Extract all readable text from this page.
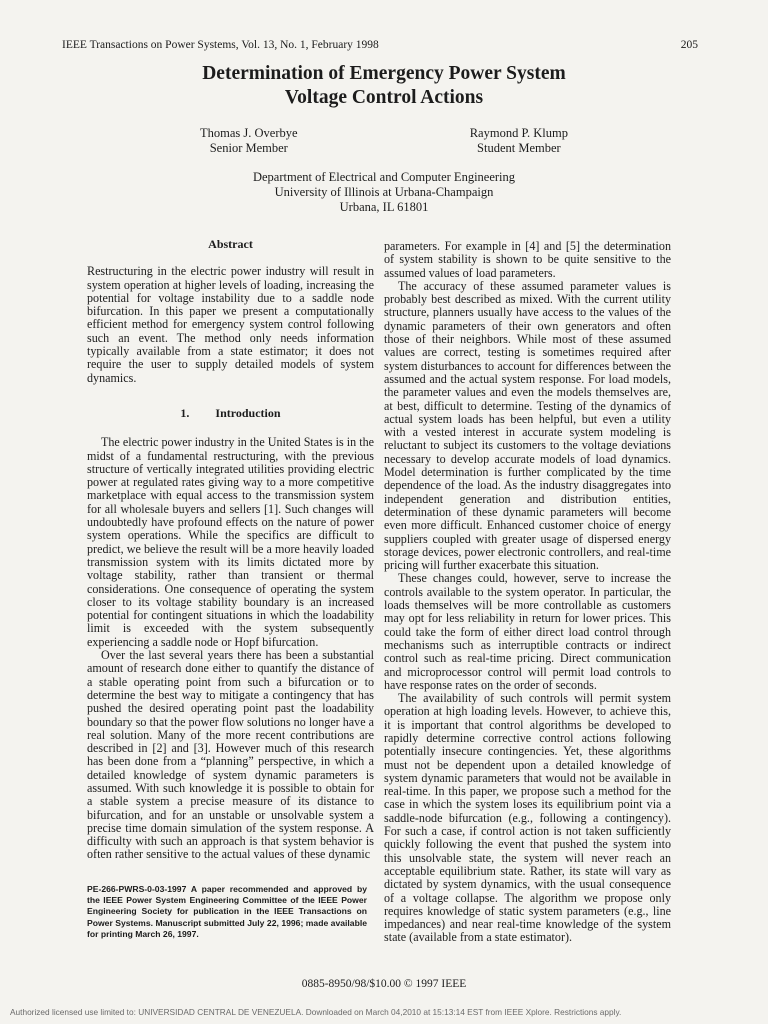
IEEE Transactions on Power Systems, Vol. 13, No. 1, February 1998	205
Determination of Emergency Power System
Voltage Control Actions
Thomas J. Overbye
Senior Member
Raymond P. Klump
Student Member
Department of Electrical and Computer Engineering
University of Illinois at Urbana-Champaign
Urbana, IL 61801
Abstract

Restructuring in the electric power industry will result in system operation at higher levels of loading, increasing the potential for voltage instability due to a saddle node bifurcation. In this paper we present a computationally efficient method for emergency system control following such an event. The method only needs information typically available from a state estimator; it does not require the user to supply detailed models of system dynamics.

1. Introduction

The electric power industry in the United States is in the midst of a fundamental restructuring, with the previous structure of vertically integrated utilities providing electric power at regulated rates giving way to a more competitive marketplace with equal access to the transmission system for all wholesale buyers and sellers [1]. Such changes will undoubtedly have profound effects on the nature of power system operations. While the specifics are difficult to predict, we believe the result will be a more heavily loaded transmission system with its limits dictated more by voltage stability, rather than transient or thermal considerations. One consequence of operating the system closer to its voltage stability boundary is an increased potential for contingent situations in which the loadability limit is exceeded with the system subsequently experiencing a saddle node or Hopf bifurcation.

Over the last several years there has been a substantial amount of research done either to quantify the distance of a stable operating point from such a bifurcation or to determine the best way to mitigate a contingency that has pushed the desired operating point past the loadability boundary so that the power flow solutions no longer have a real solution. Many of the more recent contributions are described in [2] and [3]. However much of this research has been done from a “planning” perspective, in which a detailed knowledge of system dynamic parameters is assumed. With such knowledge it is possible to obtain for a stable system a precise measure of its distance to bifurcation, and for an unstable or unsolvable system a precise time domain simulation of the system response. A difficulty with such an approach is that system behavior is often rather sensitive to the actual values of these dynamic

PE-266-PWRS-0-03-1997 A paper recommended and approved by the IEEE Power System Engineering Committee of the IEEE Power Engineering Society for publication in the IEEE Transactions on Power Systems. Manuscript submitted July 22, 1996; made available for printing March 26, 1997.

parameters. For example in [4] and [5] the determination of system stability is shown to be quite sensitive to the assumed values of load parameters.

The accuracy of these assumed parameter values is probably best described as mixed. With the current utility structure, planners usually have access to the values of the dynamic parameters of their own generators and often those of their neighbors. While most of these assumed values are correct, testing is sometimes required after system disturbances to account for differences between the assumed and the actual system response. For load models, the parameter values and even the models themselves are, at best, difficult to determine. Testing of the dynamics of actual system loads has been helpful, but even a utility with a vested interest in accurate system modeling is reluctant to subject its customers to the voltage deviations necessary to develop accurate models of load dynamics. Model determination is further complicated by the time dependence of the load. As the industry disaggregates into independent generation and distribution entities, determination of these dynamic parameters will become even more difficult. Enhanced customer choice of energy suppliers coupled with greater usage of dispersed energy storage devices, power electronic controllers, and real-time pricing will further exacerbate this situation.

These changes could, however, serve to increase the controls available to the system operator. In particular, the loads themselves will be more controllable as customers may opt for less reliability in return for lower prices. This could take the form of either direct load control through mechanisms such as interruptible contracts or indirect control such as real-time pricing. Direct communication and microprocessor control will permit load controls to have response rates on the order of seconds.

The availability of such controls will permit system operation at high loading levels. However, to achieve this, it is important that control algorithms be developed to rapidly determine corrective control actions following potentially insecure contingencies. Yet, these algorithms must not be dependent upon a detailed knowledge of system dynamic parameters that would not be available in real-time. In this paper, we propose such a method for the case in which the system loses its equilibrium point via a saddle-node bifurcation (e.g., following a contingency). For such a case, if control action is not taken sufficiently quickly following the event that pushed the system into this unsolvable state, the system will never reach an acceptable equilibrium state. Rather, its state will vary as dictated by system dynamics, with the usual consequence of a voltage collapse. The algorithm we propose only requires knowledge of static system parameters (e.g., line impedances) and near real-time knowledge of the system state (available from a state estimator).

0885-8950/98/$10.00 © 1997 IEEE
Authorized licensed use limited to: UNIVERSIDAD CENTRAL DE VENEZUELA. Downloaded on March 04,2010 at 15:13:14 EST from IEEE Xplore. Restrictions apply.
